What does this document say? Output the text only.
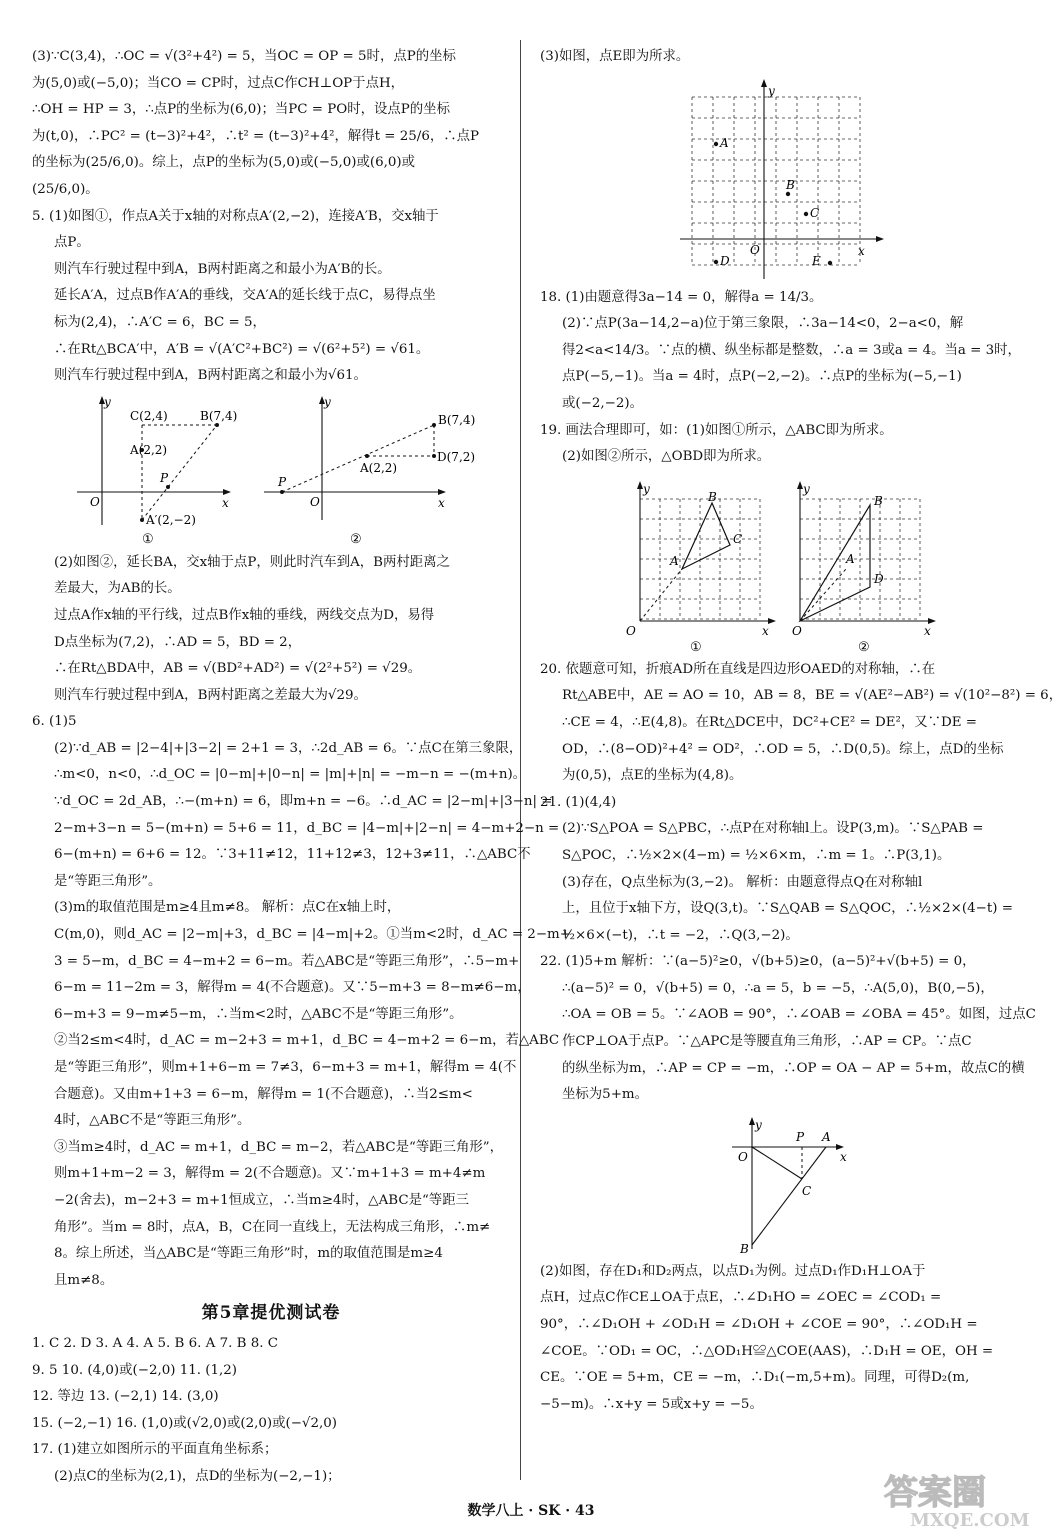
(3)∵C(3,4)，∴OC = √(3²+4²) = 5，当OC = OP = 5时，点P的坐标
为(5,0)或(−5,0)；当CO = CP时，过点C作CH⊥OP于点H，
∴OH = HP = 3，∴点P的坐标为(6,0)；当PC = PO时，设点P的坐标
为(t,0)，∴PC² = (t−3)²+4²，∴t² = (t−3)²+4²，解得t = 25/6，∴点P
的坐标为(25/6,0)。综上，点P的坐标为(5,0)或(−5,0)或(6,0)或
(25/6,0)。
5. (1)如图①，作点A关于x轴的对称点A′(2,−2)，连接A′B，交x轴于
点P。
则汽车行驶过程中到A，B两村距离之和最小为A′B的长。
延长A′A，过点B作A′A的垂线，交A′A的延长线于点C，易得点坐
标为(2,4)，∴A′C = 6，BC = 5，
∴在Rt△BCA′中，A′B = √(A′C²+BC²) = √(6²+5²) = √61。
则汽车行驶过程中到A，B两村距离之和最小为√61。
y
C(2,4)	B(7,4)
A(2,2)
P
O	x
A′(2,−2)
①
y
B(7,4)
D(7,2)
A(2,2)
P
O	x
②
(2)如图②，延长BA，交x轴于点P，则此时汽车到A，B两村距离之
差最大，为AB的长。
过点A作x轴的平行线，过点B作x轴的垂线，两线交点为D，易得
D点坐标为(7,2)，∴AD = 5，BD = 2，
∴在Rt△BDA中，AB = √(BD²+AD²) = √(2²+5²) = √29。
则汽车行驶过程中到A，B两村距离之差最大为√29。
6. (1)5
(2)∵d_AB = |2−4|+|3−2| = 2+1 = 3，∴2d_AB = 6。∵点C在第三象限，
∴m<0，n<0，∴d_OC = |0−m|+|0−n| = |m|+|n| = −m−n = −(m+n)。
∵d_OC = 2d_AB，∴−(m+n) = 6，即m+n = −6。∴d_AC = |2−m|+|3−n| =
2−m+3−n = 5−(m+n) = 5+6 = 11，d_BC = |4−m|+|2−n| = 4−m+2−n =
6−(m+n) = 6+6 = 12。∵3+11≠12，11+12≠3，12+3≠11，∴△ABC不
是“等距三角形”。
(3)m的取值范围是m≥4且m≠8。 解析：点C在x轴上时，
C(m,0)，则d_AC = |2−m|+3，d_BC = |4−m|+2。①当m<2时，d_AC = 2−m+
3 = 5−m，d_BC = 4−m+2 = 6−m。若△ABC是“等距三角形”，∴5−m+
6−m = 11−2m = 3，解得m = 4(不合题意)。又∵5−m+3 = 8−m≠6−m，
6−m+3 = 9−m≠5−m，∴当m<2时，△ABC不是“等距三角形”。
②当2≤m<4时，d_AC = m−2+3 = m+1，d_BC = 4−m+2 = 6−m，若△ABC
是“等距三角形”，则m+1+6−m = 7≠3，6−m+3 = m+1，解得m = 4(不
合题意)。又由m+1+3 = 6−m，解得m = 1(不合题意)，∴当2≤m<
4时，△ABC不是“等距三角形”。
③当m≥4时，d_AC = m+1，d_BC = m−2，若△ABC是“等距三角形”，
则m+1+m−2 = 3，解得m = 2(不合题意)。又∵m+1+3 = m+4≠m
−2(舍去)，m−2+3 = m+1恒成立，∴当m≥4时，△ABC是“等距三
角形”。当m = 8时，点A，B，C在同一直线上，无法构成三角形，∴m≠
8。综上所述，当△ABC是“等距三角形”时，m的取值范围是m≥4
且m≠8。
第5章提优测试卷
1. C 2. D 3. A 4. A 5. B 6. A 7. B 8. C
9. 5 10. (4,0)或(−2,0) 11. (1,2)
12. 等边 13. (−2,1) 14. (3,0)
15. (−2,−1) 16. (1,0)或(√2,0)或(2,0)或(−√2,0)
17. (1)建立如图所示的平面直角坐标系；
(2)点C的坐标为(2,1)，点D的坐标为(−2,−1)；
(3)如图，点E即为所求。
y
A
B
C
O	x
D	E
18. (1)由题意得3a−14 = 0，解得a = 14/3。
(2)∵点P(3a−14,2−a)位于第三象限，∴3a−14<0，2−a<0，解
得2<a<14/3。∵点的横、纵坐标都是整数，∴a = 3或a = 4。当a = 3时，
点P(−5,−1)。当a = 4时，点P(−2,−2)。∴点P的坐标为(−5,−1)
或(−2,−2)。
19. 画法合理即可，如：(1)如图①所示，△ABC即为所求。
(2)如图②所示，△OBD即为所求。
y
B
C
A
O	x
①
y
B
A
D
O	x
②
20. 依题意可知，折痕AD所在直线是四边形OAED的对称轴，∴在
Rt△ABE中，AE = AO = 10，AB = 8，BE = √(AE²−AB²) = √(10²−8²) = 6，
∴CE = 4，∴E(4,8)。在Rt△DCE中，DC²+CE² = DE²，又∵DE =
OD，∴(8−OD)²+4² = OD²，∴OD = 5，∴D(0,5)。综上，点D的坐标
为(0,5)，点E的坐标为(4,8)。
21. (1)(4,4)
(2)∵S△POA = S△PBC，∴点P在对称轴l上。设P(3,m)。∵S△PAB =
S△POC，∴½×2×(4−m) = ½×6×m，∴m = 1。∴P(3,1)。
(3)存在，Q点坐标为(3,−2)。 解析：由题意得点Q在对称轴l
上，且位于x轴下方，设Q(3,t)。∵S△QAB = S△QOC，∴½×2×(4−t) =
½×6×(−t)，∴t = −2，∴Q(3,−2)。
22. (1)5+m 解析：∵(a−5)²≥0，√(b+5)≥0，(a−5)²+√(b+5) = 0，
∴(a−5)² = 0，√(b+5) = 0，∴a = 5，b = −5，∴A(5,0)，B(0,−5)，
∴OA = OB = 5。∵∠AOB = 90°，∴∠OAB = ∠OBA = 45°。如图，过点C
作CP⊥OA于点P。∵△APC是等腰直角三角形，∴AP = CP。∵点C
的纵坐标为m，∴AP = CP = −m，∴OP = OA − AP = 5+m，故点C的横
坐标为5+m。
y
P A
O	x
C
B
(2)如图，存在D₁和D₂两点，以点D₁为例。过点D₁作D₁H⊥OA于
点H，过点C作CE⊥OA于点E，∴∠D₁HO = ∠OEC = ∠COD₁ =
90°，∴∠D₁OH + ∠OD₁H = ∠D₁OH + ∠COE = 90°，∴∠OD₁H =
∠COE。∵OD₁ = OC，∴△OD₁H≌△COE(AAS)，∴D₁H = OE，OH =
CE。∵OE = 5+m，CE = −m，∴D₁(−m,5+m)。同理，可得D₂(m,
−5−m)。∴x+y = 5或x+y = −5。
数学八上 · SK · 43	答案圈
MXQE.COM
